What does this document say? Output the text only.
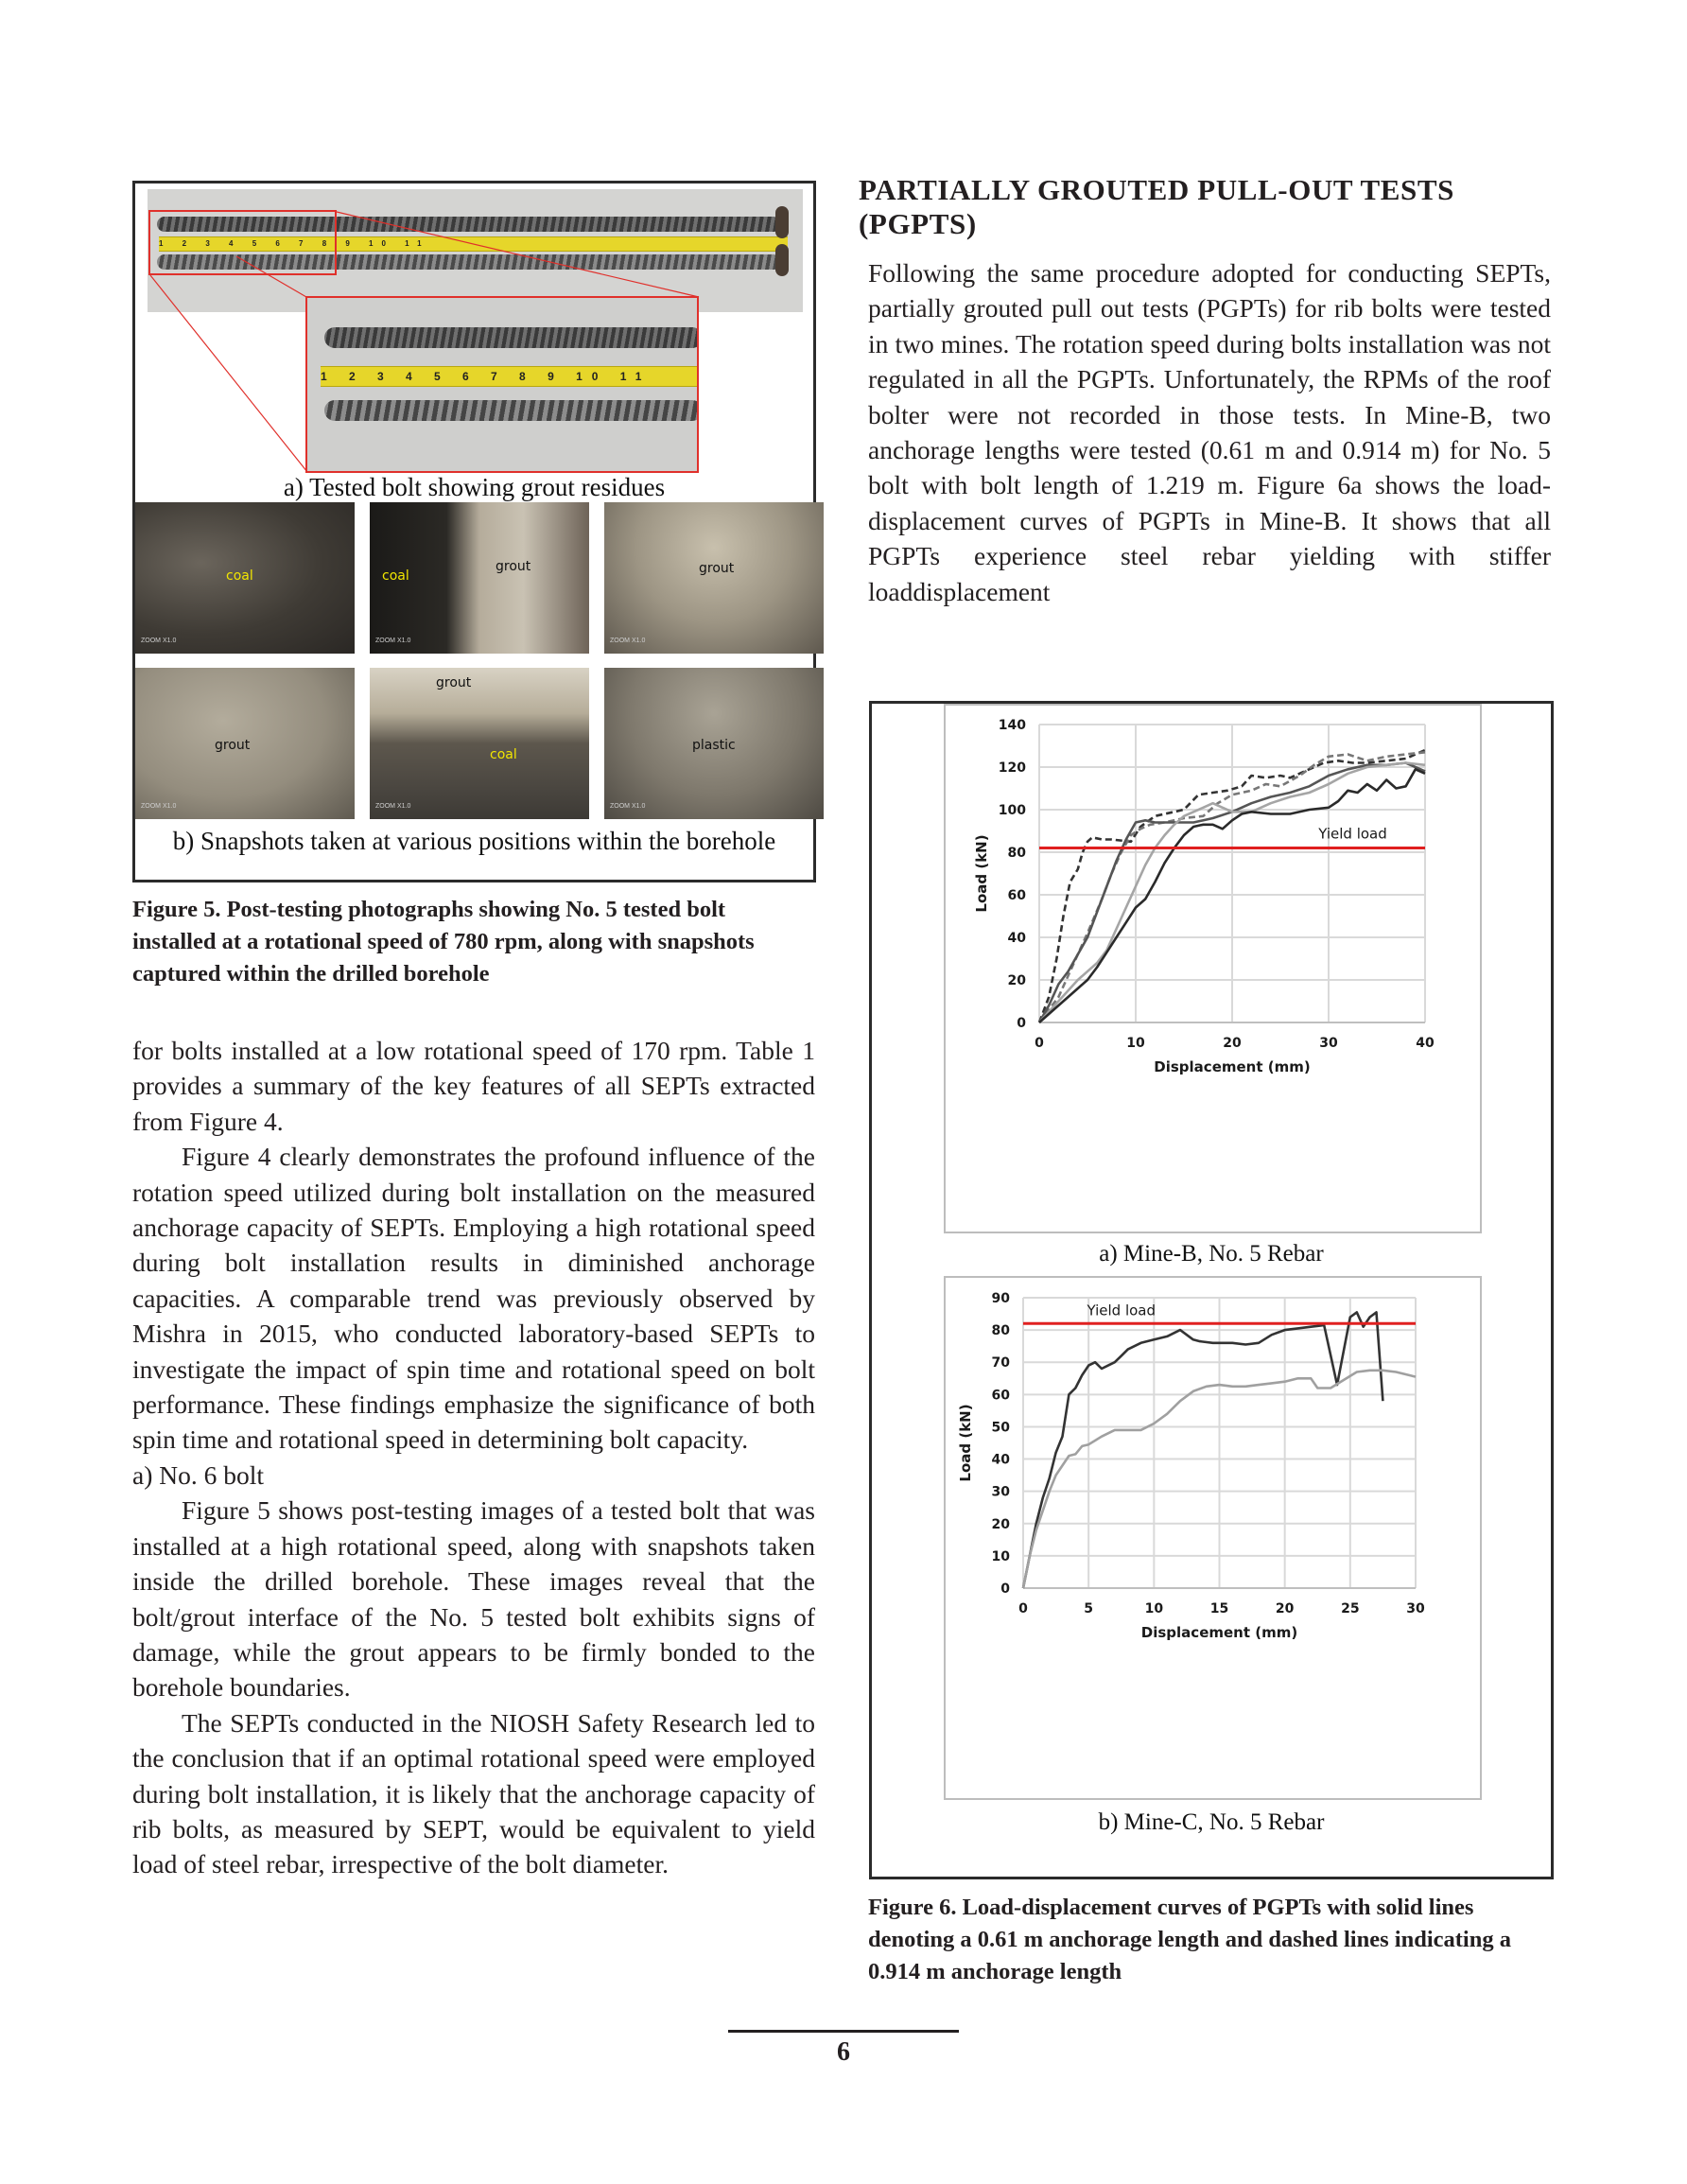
1 2 3 4 5 6 7 8 9 10 11
1 2 3 4 5 6 7 8 9 10 11
a) Tested bolt showing grout residues
coal
ZOOM X1.0
coal
grout
ZOOM X1.0
grout
ZOOM X1.0
grout
ZOOM X1.0
grout
coal
ZOOM X1.0
plastic
ZOOM X1.0
b) Snapshots taken at various positions within the borehole
Figure 5. Post-testing photographs showing No. 5 tested bolt installed at a rotational speed of 780 rpm, along with snapshots captured within the drilled borehole

for bolts installed at a low rotational speed of 170 rpm. Table 1 provides a summary of the key features of all SEPTs extracted from Figure 4.

Figure 4 clearly demonstrates the profound influence of the rotation speed utilized during bolt installation on the measured anchorage capacity of SEPTs. Employing a high rotational speed during bolt installation results in diminished anchorage capacities. A comparable trend was previously observed by Mishra in 2015, who conducted laboratory-based SEPTs to investigate the impact of spin time and rotational speed on bolt performance. These findings emphasize the significance of both spin time and rotational speed in determining bolt capacity.

a) No. 6 bolt

Figure 5 shows post-testing images of a tested bolt that was installed at a high rotational speed, along with snapshots taken inside the drilled borehole. These images reveal that the bolt/grout interface of the No. 5 tested bolt exhibits signs of damage, while the grout appears to be firmly bonded to the borehole boundaries.

The SEPTs conducted in the NIOSH Safety Research led to the conclusion that if an optimal rotational speed were employed during bolt installation, it is likely that the anchorage capacity of rib bolts, as measured by SEPT, would be equivalent to yield load of steel rebar, irrespective of the bolt diameter.

PARTIALLY GROUTED PULL-OUT TESTS (PGPTS)

Following the same procedure adopted for conducting SEPTs, partially grouted pull out tests (PGPTs) for rib bolts were tested in two mines. The rotation speed during bolts installation was not regulated in all the PGPTs. Unfortunately, the RPMs of the roof bolter were not recorded in those tests. In Mine-B, two anchorage lengths were tested (0.61 m and 0.914 m) for No. 5 bolt with bolt length of 1.219 m. Figure 6a shows the load-displacement curves of PGPTs in Mine-B. It shows that all PGPTs experience steel rebar yielding with stiffer loaddisplacement

0	10	20	30	40
0
20
40
60
80
100
120
140
Displacement (mm)
Load (kN)
Yield load
a) Mine-B, No. 5 Rebar
0	5	10	15	20	25	30
0
10
20
30
40
50
60
70
80
90
Displacement (mm)
Load (kN)
Yield load
b) Mine-C, No. 5 Rebar
Figure 6. Load-displacement curves of PGPTs with solid lines denoting a 0.61 m anchorage length and dashed lines indicating a 0.914 m anchorage length
6
